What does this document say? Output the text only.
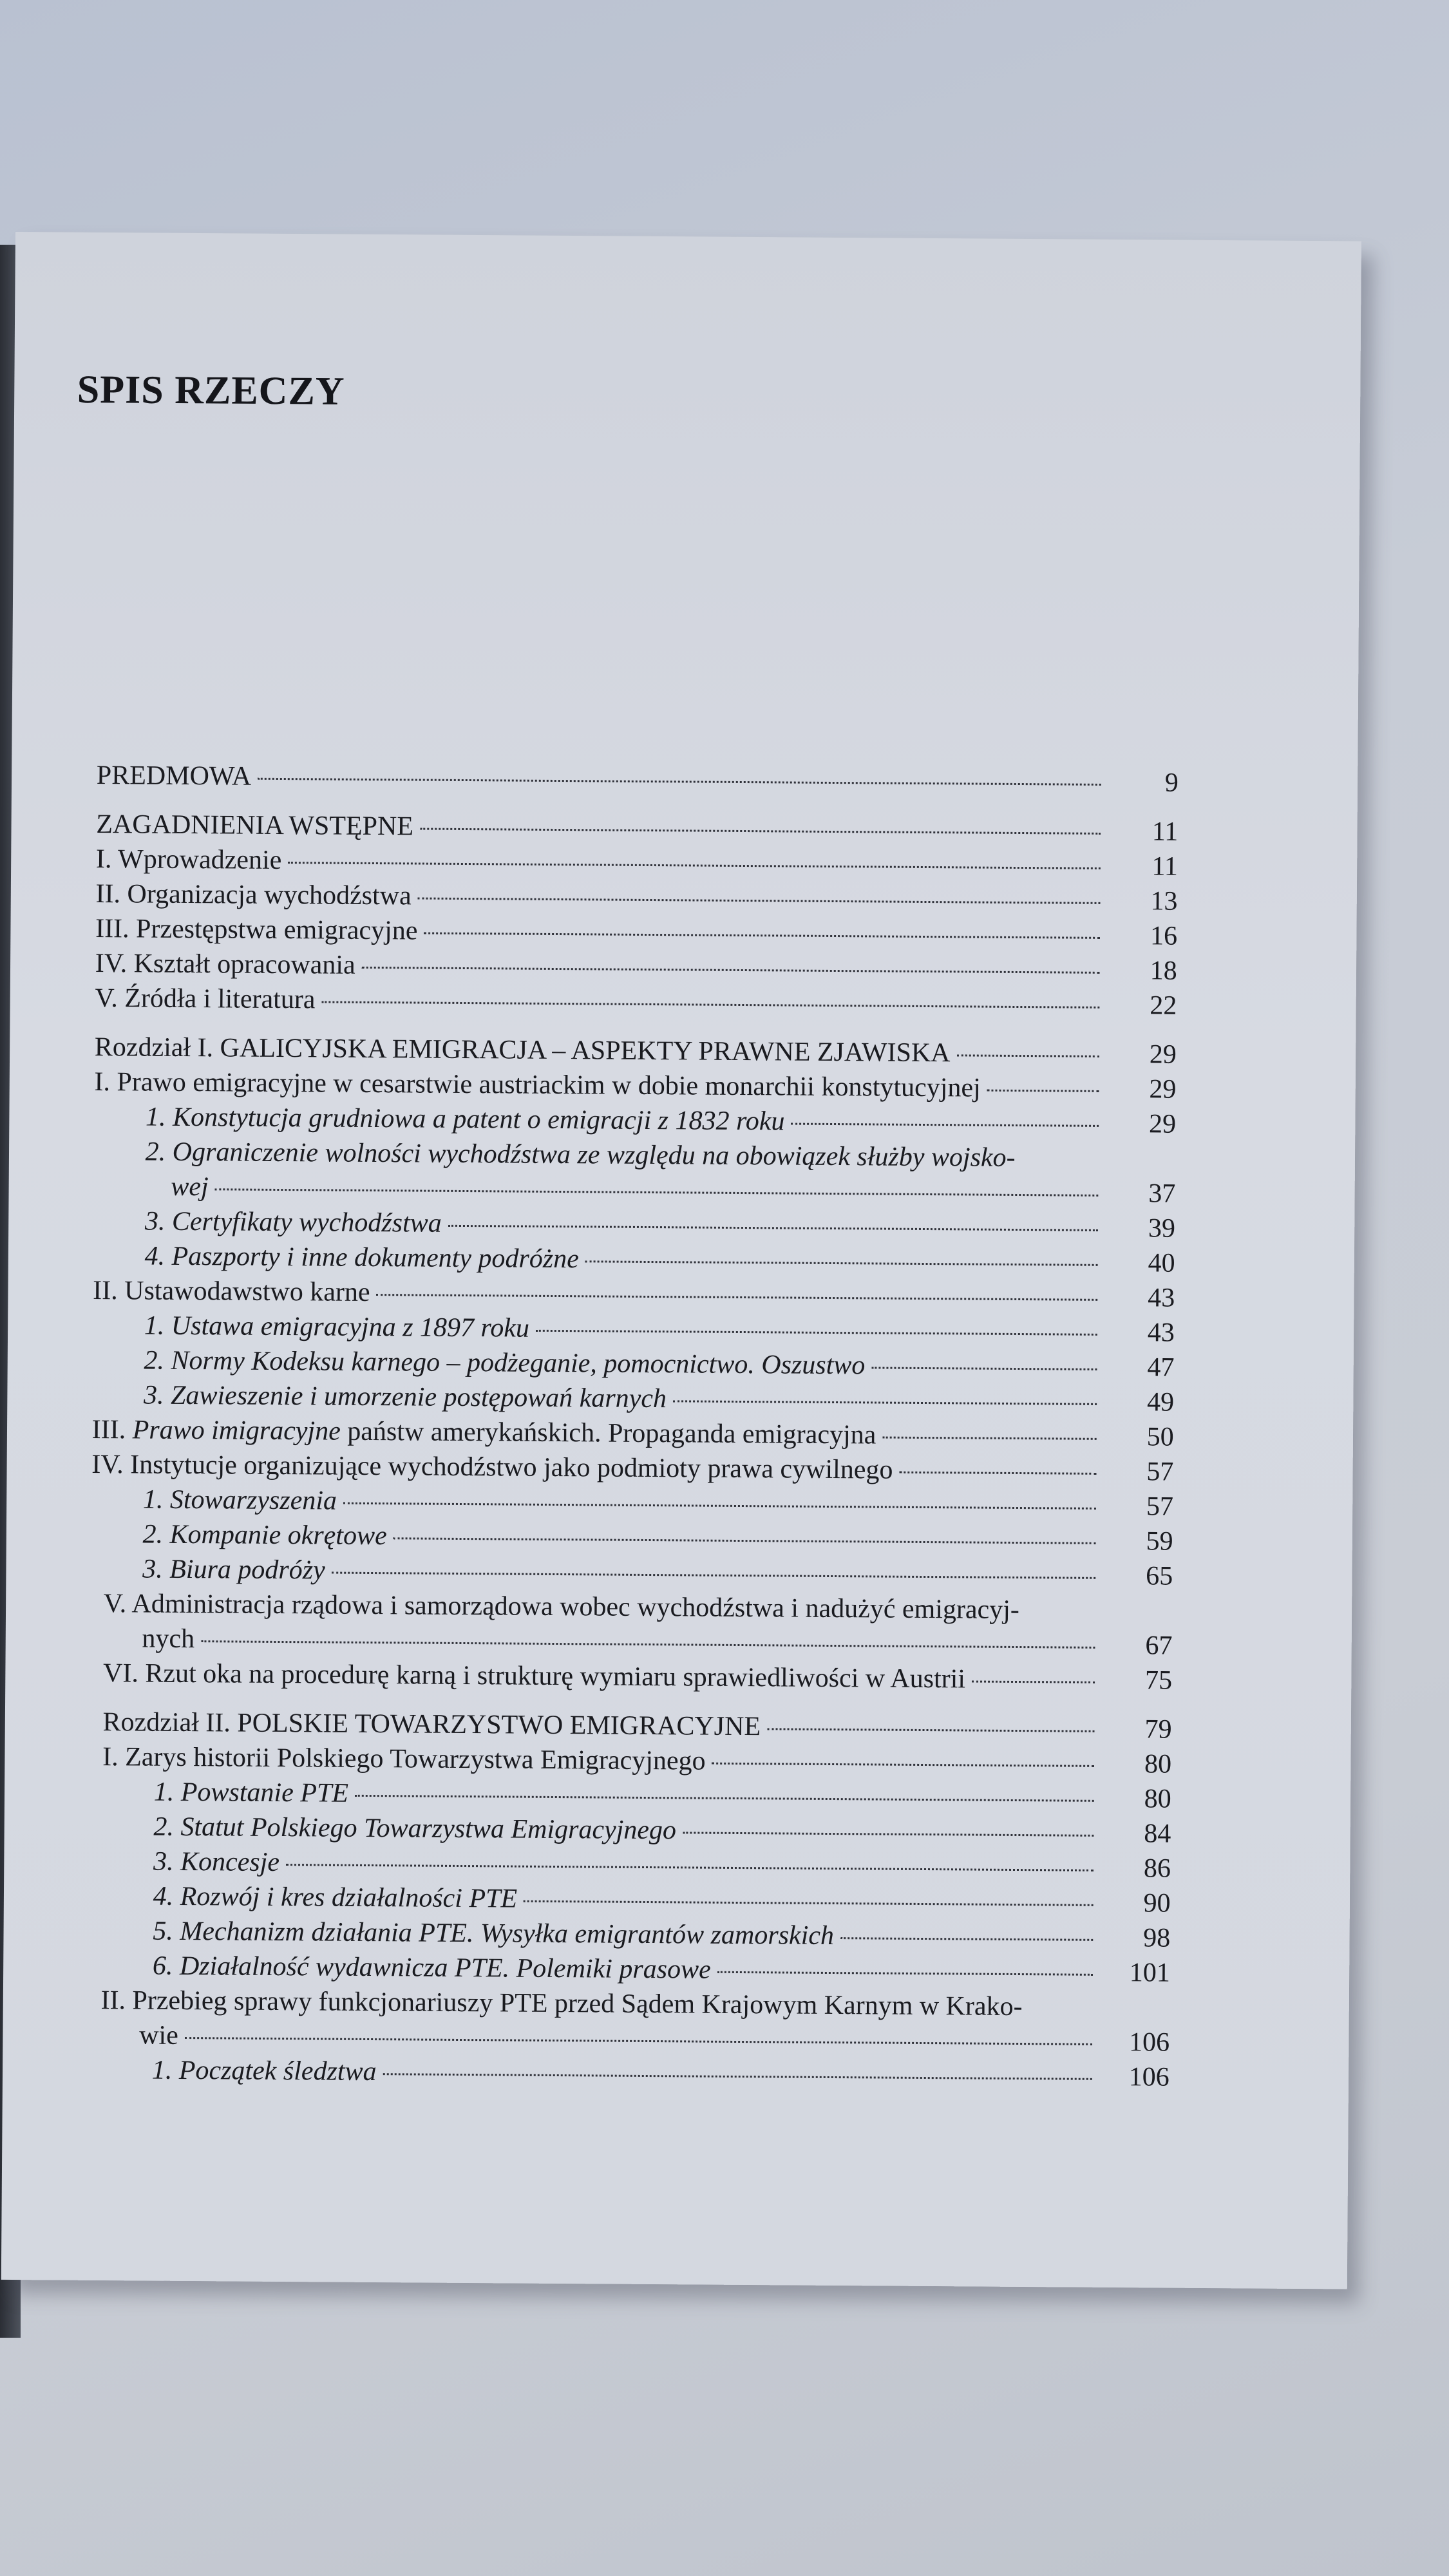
SPIS RZECZY
PREDMOWA	9
ZAGADNIENIA WSTĘPNE	11
I. Wprowadzenie	11
II. Organizacja wychodźstwa	13
III. Przestępstwa emigracyjne	16
IV. Kształt opracowania	18
V. Źródła i literatura	22
Rozdział I. GALICYJSKA EMIGRACJA – ASPEKTY PRAWNE ZJAWISKA	29
I. Prawo emigracyjne w cesarstwie austriackim w dobie monarchii konstytucyjnej	29
1. Konstytucja grudniowa a patent o emigracji z 1832 roku	29
2. Ograniczenie wolności wychodźstwa ze względu na obowiązek służby wojsko-
wej	37
3. Certyfikaty wychodźstwa	39
4. Paszporty i inne dokumenty podróżne	40
II. Ustawodawstwo karne	43
1. Ustawa emigracyjna z 1897 roku	43
2. Normy Kodeksu karnego – podżeganie, pomocnictwo. Oszustwo	47
3. Zawieszenie i umorzenie postępowań karnych	49
III. Prawo imigracyjne państw amerykańskich. Propaganda emigracyjna	50
IV. Instytucje organizujące wychodźstwo jako podmioty prawa cywilnego	57
1. Stowarzyszenia	57
2. Kompanie okrętowe	59
3. Biura podróży	65
V. Administracja rządowa i samorządowa wobec wychodźstwa i nadużyć emigracyj-
nych	67
VI. Rzut oka na procedurę karną i strukturę wymiaru sprawiedliwości w Austrii	75
Rozdział II. POLSKIE TOWARZYSTWO EMIGRACYJNE	79
I. Zarys historii Polskiego Towarzystwa Emigracyjnego	80
1. Powstanie PTE	80
2. Statut Polskiego Towarzystwa Emigracyjnego	84
3. Koncesje	86
4. Rozwój i kres działalności PTE	90
5. Mechanizm działania PTE. Wysyłka emigrantów zamorskich	98
6. Działalność wydawnicza PTE. Polemiki prasowe	101
II. Przebieg sprawy funkcjonariuszy PTE przed Sądem Krajowym Karnym w Krako-
wie	106
1. Początek śledztwa	106
